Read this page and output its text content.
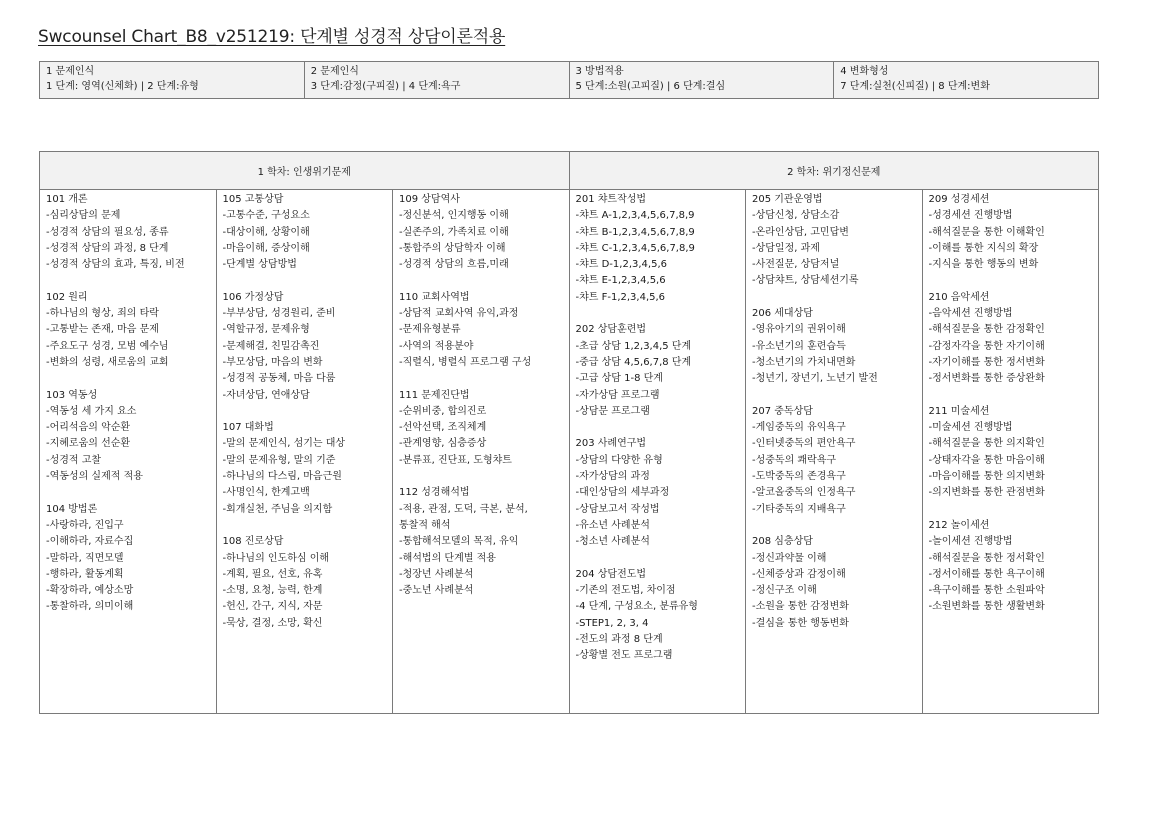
Swcounsel Chart_B8_v251219: 단계별 성경적 상담이론적용
1 문제인식
1 단계: 영역(신체화) | 2 단계:유형
2 문제인식
3 단계:감정(구피질) | 4 단계:욕구
3 방법적용
5 단계:소원(고피질) | 6 단계:결심
4 변화형성
7 단계:실천(신피질) | 8 단계:변화
1 학차: 인생위기문제	2 학차: 위기정신문제
101 개론
-심리상담의 문제
-성경적 상담의 필요성, 종류
-성경적 상담의 과정, 8 단계
-성경적 상담의 효과, 특징, 비전
102 원리
-하나님의 형상, 죄의 타락
-고통받는 존재, 마음 문제
-주요도구 성경, 모범 예수님
-변화의 성령, 새로움의 교회
103 역동성
-역동성 세 가지 요소
-어리석음의 악순환
-지혜로움의 선순환
-성경적 고찰
-역동성의 실제적 적용
104 방법론
-사랑하라, 진입구
-이해하라, 자료수집
-말하라, 직면모델
-행하라, 활동계획
-확장하라, 예상소망
-통찰하라, 의미이해
105 고통상담
-고통수준, 구성요소
-대상이해, 상황이해
-마음이해, 증상이해
-단계별 상담방법
106 가정상담
-부부상담, 성경원리, 준비
-역할규정, 문제유형
-문제해결, 친밀감촉진
-부모상담, 마음의 변화
-성경적 공동체, 마음 다룸
-자녀상담, 연애상담
107 대화법
-말의 문제인식, 섬기는 대상
-말의 문제유형, 말의 기준
-하나님의 다스림, 마음근원
-사명인식, 한계고백
-회개실천, 주님을 의지함
108 진로상담
-하나님의 인도하심 이해
-계획, 필요, 선호, 유혹
-소명, 요청, 능력, 한계
-헌신, 간구, 지식, 자문
-묵상, 결정, 소망, 확신
109 상담역사
-정신분석, 인지행동 이해
-실존주의, 가족치료 이해
-통합주의 상담학자 이해
-성경적 상담의 흐름,미래
110 교회사역법
-상담적 교회사역 유익,과정
-문제유형분류
-사역의 적용분야
-직렬식, 병렬식 프로그램 구성
111 문제진단법
-순위비중, 합의진로
-선악선택, 조직체계
-관계영향, 심층증상
-분류표, 진단표, 도형챠트
112 성경해석법
-적용, 관점, 도덕, 극본, 분석,
통찰적 해석
-통합해석모델의 목적, 유익
-해석법의 단계별 적용
-청장년 사례분석
-중노년 사례분석
201 챠트작성법
-챠트 A-1,2,3,4,5,6,7,8,9
-챠트 B-1,2,3,4,5,6,7,8,9
-챠트 C-1,2,3,4,5,6,7,8,9
-챠트 D-1,2,3,4,5,6
-챠트 E-1,2,3,4,5,6
-챠트 F-1,2,3,4,5,6
202 상담훈련법
-초급 상담 1,2,3,4,5 단계
-중급 상담 4,5,6,7,8 단계
-고급 상담 1-8 단계
-자가상담 프로그램
-상담문 프로그램
203 사례연구법
-상담의 다양한 유형
-자가상담의 과정
-대인상담의 세부과정
-상담보고서 작성법
-유소년 사례분석
-청소년 사례분석
204 상담전도법
-기존의 전도법, 차이점
-4 단계, 구성요소, 분류유형
-STEP1, 2, 3, 4
-전도의 과정 8 단계
-상황별 전도 프로그램
205 기관운영법
-상담신청, 상담소감
-온라인상담, 고민답변
-상담일정, 과제
-사전질문, 상담저널
-상담챠트, 상담세션기록
206 세대상담
-영유아기의 권위이해
-유소년기의 훈련습득
-청소년기의 가치내면화
-청년기, 장년기, 노년기 발전
207 중독상담
-게임중독의 유익욕구
-인터넷중독의 편안욕구
-성중독의 쾌락욕구
-도박중독의 존경욕구
-알코올중독의 인정욕구
-기타중독의 지배욕구
208 심층상담
-정신과약물 이해
-신체증상과 감정이해
-정신구조 이해
-소원을 통한 감정변화
-결심을 통한 행동변화
209 성경세션
-성경세션 진행방법
-해석질문을 통한 이해확인
-이해를 통한 지식의 확장
-지식을 통한 행동의 변화
210 음악세션
-음악세션 진행방법
-해석질문을 통한 감정확인
-감정자각을 통한 자기이해
-자기이해를 통한 정서변화
-정서변화를 통한 증상완화
211 미술세션
-미술세션 진행방법
-해석질문을 통한 의지확인
-상태자각을 통한 마음이해
-마음이해를 통한 의지변화
-의지변화를 통한 관점변화
212 놀이세션
-놀이세션 진행방법
-해석질문을 통한 정서확인
-정서이해를 통한 욕구이해
-욕구이해를 통한 소원파악
-소원변화를 통한 생활변화
